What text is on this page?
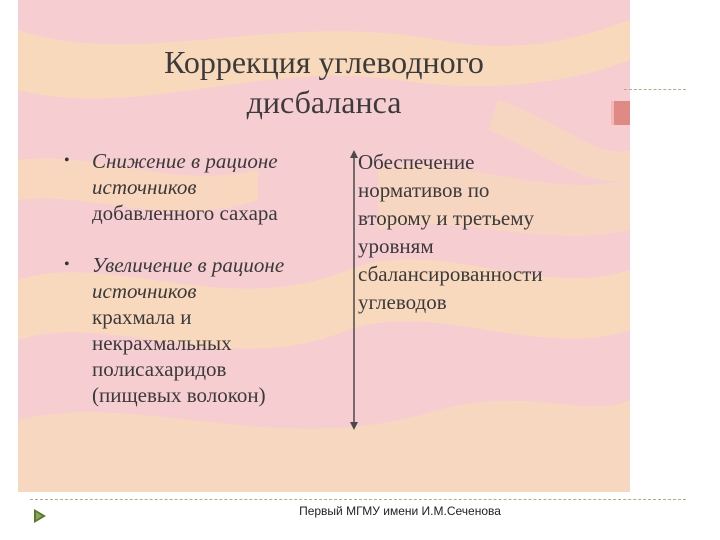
Коррекция углеводного
дисбаланса
• Снижение в рационе
источников
добавленного сахара
• Увеличение в рационе
источников
крахмала и
некрахмальных
полисахаридов
(пищевых волокон)
Обеспечение
нормативов по
второму и третьему
уровням
сбалансированности
углеводов
Первый МГМУ имени И.М.Сеченова
